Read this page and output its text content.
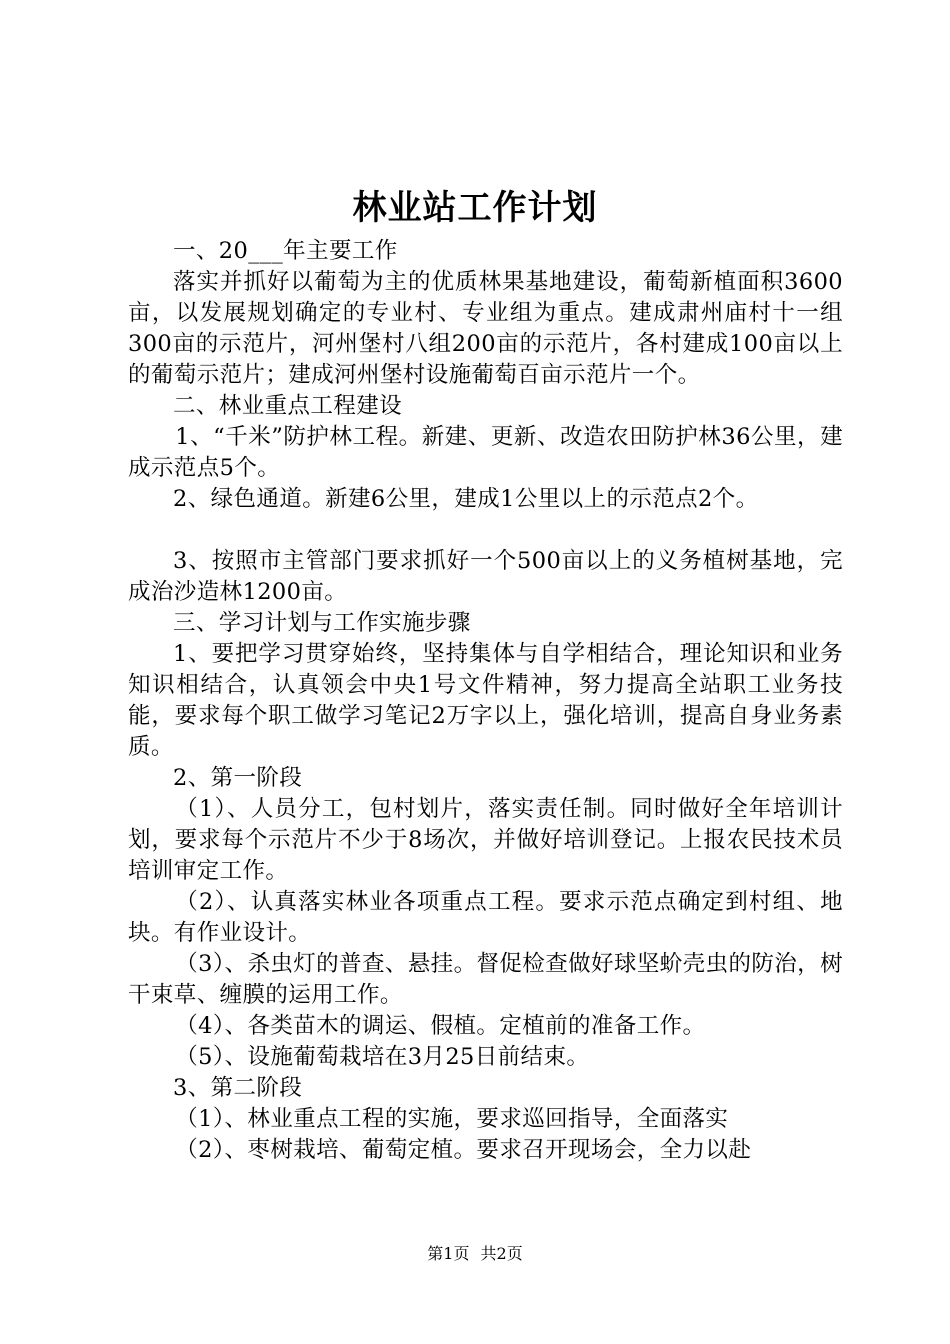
林业站工作计划

一、20___年主要工作

落实并抓好以葡萄为主的优质林果基地建设，葡萄新植面积3600亩，以发展规划确定的专业村、专业组为重点。建成肃州庙村十一组300亩的示范片，河州堡村八组200亩的示范片，各村建成100亩以上的葡萄示范片；建成河州堡村设施葡萄百亩示范片一个。

二、林业重点工程建设

1、“千米”防护林工程。新建、更新、改造农田防护林36公里，建成示范点5个。

2、绿色通道。新建6公里，建成1公里以上的示范点2个。

3、按照市主管部门要求抓好一个500亩以上的义务植树基地，完成治沙造林1200亩。

三、学习计划与工作实施步骤

1、要把学习贯穿始终，坚持集体与自学相结合，理论知识和业务知识相结合，认真领会中央1号文件精神，努力提高全站职工业务技能，要求每个职工做学习笔记2万字以上，强化培训，提高自身业务素质。

2、第一阶段

（1）、人员分工，包村划片，落实责任制。同时做好全年培训计划，要求每个示范片不少于8场次，并做好培训登记。上报农民技术员培训审定工作。

（2）、认真落实林业各项重点工程。要求示范点确定到村组、地块。有作业设计。

（3）、杀虫灯的普查、悬挂。督促检查做好球坚蚧壳虫的防治，树干束草、缠膜的运用工作。

（4）、各类苗木的调运、假植。定植前的准备工作。

（5）、设施葡萄栽培在3月25日前结束。

3、第二阶段

（1）、林业重点工程的实施，要求巡回指导，全面落实

（2）、枣树栽培、葡萄定植。要求召开现场会，全力以赴

第1页 共2页
